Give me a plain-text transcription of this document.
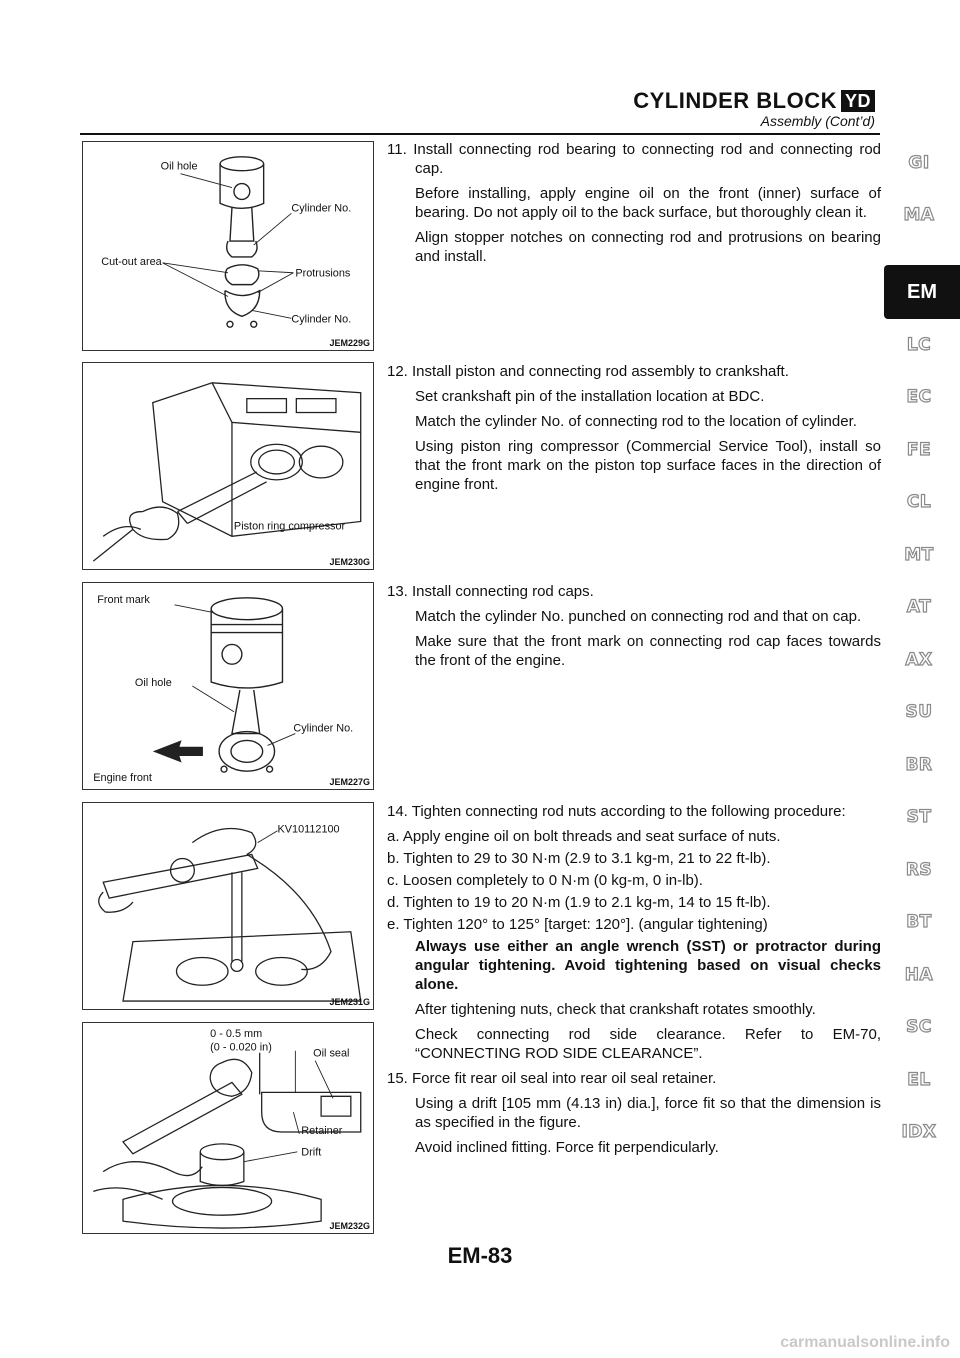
CYLINDER BLOCK YD
Assembly (Cont’d)
Oil hole
Cylinder No.
Cut-out area
Protrusions
Cylinder No.
JEM229G
Piston ring compressor
JEM230G
Front mark
Oil hole
Cylinder No.
Engine front	JEM227G
KV10112100
JEM231G
0 - 0.5 mm
(0 - 0.020 in)	Oil seal
Retainer
Drift
JEM232G

11. Install connecting rod bearing to connecting rod and connecting rod cap.

Before installing, apply engine oil on the front (inner) surface of bearing. Do not apply oil to the back surface, but thoroughly clean it.

Align stopper notches on connecting rod and protrusions on bearing and install.

12. Install piston and connecting rod assembly to crankshaft.

Set crankshaft pin of the installation location at BDC.

Match the cylinder No. of connecting rod to the location of cylinder.

Using piston ring compressor (Commercial Service Tool), install so that the front mark on the piston top surface faces in the direction of engine front.

13. Install connecting rod caps.

Match the cylinder No. punched on connecting rod and that on cap.

Make sure that the front mark on connecting rod cap faces towards the front of the engine.

14. Tighten connecting rod nuts according to the following procedure:

a. Apply engine oil on bolt threads and seat surface of nuts.

b. Tighten to 29 to 30 N·m (2.9 to 3.1 kg-m, 21 to 22 ft-lb).

c. Loosen completely to 0 N·m (0 kg-m, 0 in-lb).

d. Tighten to 19 to 20 N·m (1.9 to 2.1 kg-m, 14 to 15 ft-lb).

e. Tighten 120° to 125° [target: 120°]. (angular tightening)

Always use either an angle wrench (SST) or protractor during angular tightening. Avoid tightening based on visual checks alone.

After tightening nuts, check that crankshaft rotates smoothly.

Check connecting rod side clearance. Refer to EM-70, “CONNECTING ROD SIDE CLEARANCE”.

15. Force fit rear oil seal into rear oil seal retainer.

Using a drift [105 mm (4.13 in) dia.], force fit so that the dimension is as specified in the figure.

Avoid inclined fitting. Force fit perpendicularly.

GI
MA
EM
LC
EC
FE
CL
MT
AT
AX
SU
BR
ST
RS
BT
HA
SC
EL
IDX
EM-83
carmanualsonline.info
